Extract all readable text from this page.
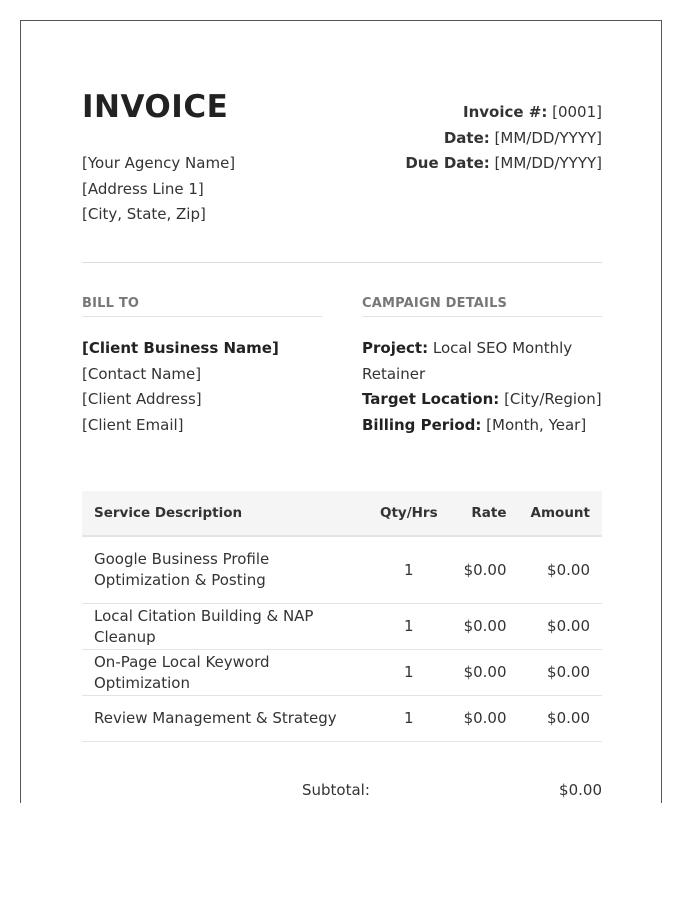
INVOICE
[Your Agency Name]
[Address Line 1]
[City, State, Zip]
Invoice #: [0001]
Date: [MM/DD/YYYY]
Due Date: [MM/DD/YYYY]
BILL TO
[Client Business Name]
[Contact Name]
[Client Address]
[Client Email]
CAMPAIGN DETAILS
Project: Local SEO Monthly Retainer
Target Location: [City/Region]
Billing Period: [Month, Year]
Service Description	Qty/Hrs	Rate	Amount
Google Business Profile Optimization & Posting	1	$0.00	$0.00
Local Citation Building & NAP Cleanup	1	$0.00	$0.00
On-Page Local Keyword Optimization	1	$0.00	$0.00
Review Management & Strategy	1	$0.00	$0.00
Subtotal:	$0.00
